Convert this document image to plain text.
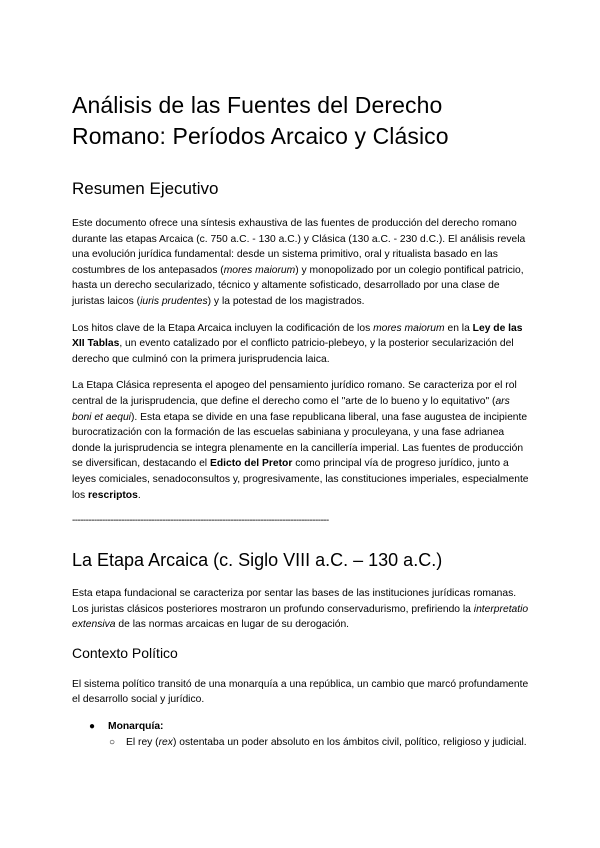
Análisis de las Fuentes del Derecho Romano: Períodos Arcaico y Clásico
Resumen Ejecutivo

Este documento ofrece una síntesis exhaustiva de las fuentes de producción del derecho romano durante las etapas Arcaica (c. 750 a.C. - 130 a.C.) y Clásica (130 a.C. - 230 d.C.). El análisis revela una evolución jurídica fundamental: desde un sistema primitivo, oral y ritualista basado en las costumbres de los antepasados (mores maiorum) y monopolizado por un colegio pontifical patricio, hasta un derecho secularizado, técnico y altamente sofisticado, desarrollado por una clase de juristas laicos (iuris prudentes) y la potestad de los magistrados.

Los hitos clave de la Etapa Arcaica incluyen la codificación de los mores maiorum en la Ley de las XII Tablas, un evento catalizado por el conflicto patricio-plebeyo, y la posterior secularización del derecho que culminó con la primera jurisprudencia laica.

La Etapa Clásica representa el apogeo del pensamiento jurídico romano. Se caracteriza por el rol central de la jurisprudencia, que define el derecho como el "arte de lo bueno y lo equitativo" (ars boni et aequi). Esta etapa se divide en una fase republicana liberal, una fase augustea de incipiente burocratización con la formación de las escuelas sabiniana y proculeyana, y una fase adrianea donde la jurisprudencia se integra plenamente en la cancillería imperial. Las fuentes de producción se diversifican, destacando el Edicto del Pretor como principal vía de progreso jurídico, junto a leyes comiciales, senadoconsultos y, progresivamente, las constituciones imperiales, especialmente los rescriptos.

----------------------------------------------------------------------------------------------
La Etapa Arcaica (c. Siglo VIII a.C. – 130 a.C.)

Esta etapa fundacional se caracteriza por sentar las bases de las instituciones jurídicas romanas. Los juristas clásicos posteriores mostraron un profundo conservadurismo, prefiriendo la interpretatio extensiva de las normas arcaicas en lugar de su derogación.

Contexto Político

El sistema político transitó de una monarquía a una república, un cambio que marcó profundamente el desarrollo social y jurídico.

● Monarquía:
○ El rey (rex) ostentaba un poder absoluto en los ámbitos civil, político, religioso y judicial.
